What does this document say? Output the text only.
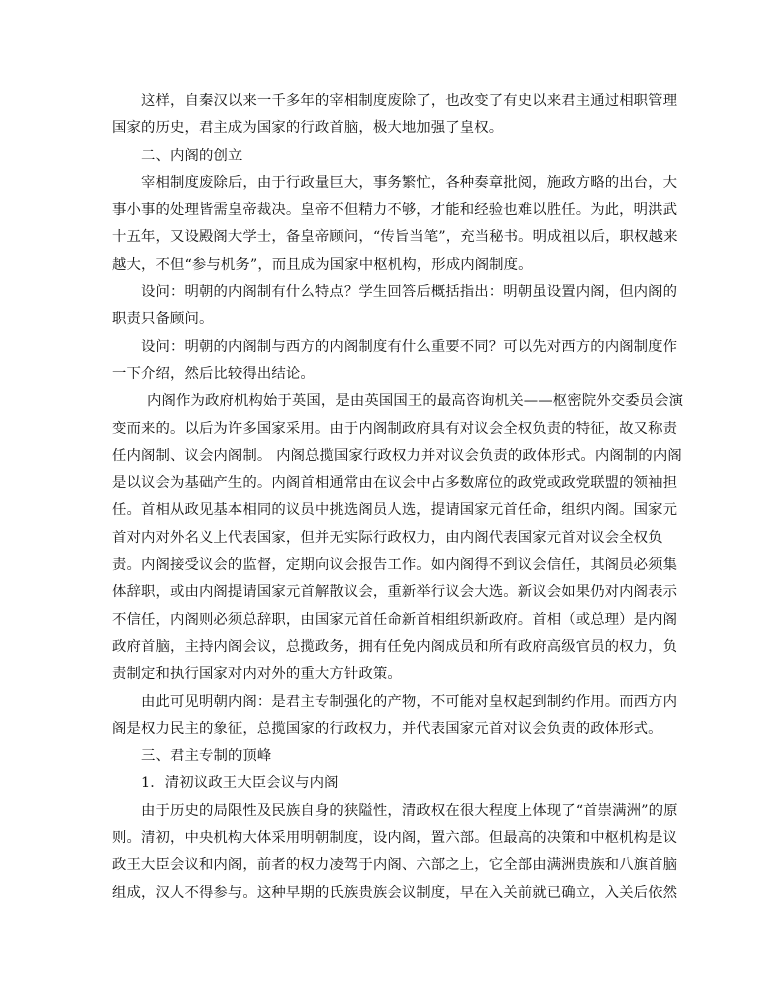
这样，自秦汉以来一千多年的宰相制度废除了，也改变了有史以来君主通过相职管理
国家的历史，君主成为国家的行政首脑，极大地加强了皇权。

二、内阁的创立

宰相制度废除后，由于行政量巨大，事务繁忙，各种奏章批阅，施政方略的出台，大
事小事的处理皆需皇帝裁决。皇帝不但精力不够，才能和经验也难以胜任。为此，明洪武
十五年，又设殿阁大学士，备皇帝顾问，“传旨当笔”，充当秘书。明成祖以后，职权越来
越大，不但“参与机务”，而且成为国家中枢机构，形成内阁制度。

设问：明朝的内阁制有什么特点？学生回答后概括指出：明朝虽设置内阁，但内阁的
职责只备顾问。

设问：明朝的内阁制与西方的内阁制度有什么重要不同？可以先对西方的内阁制度作
一下介绍，然后比较得出结论。

内阁作为政府机构始于英国，是由英国国王的最高咨询机关——枢密院外交委员会演
变而来的。以后为许多国家采用。由于内阁制政府具有对议会全权负责的特征，故又称责
任内阁制、议会内阁制。 内阁总揽国家行政权力并对议会负责的政体形式。内阁制的内阁
是以议会为基础产生的。内阁首相通常由在议会中占多数席位的政党或政党联盟的领袖担
任。首相从政见基本相同的议员中挑选阁员人选，提请国家元首任命，组织内阁。国家元
首对内对外名义上代表国家，但并无实际行政权力，由内阁代表国家元首对议会全权负
责。内阁接受议会的监督，定期向议会报告工作。如内阁得不到议会信任，其阁员必须集
体辞职，或由内阁提请国家元首解散议会，重新举行议会大选。新议会如果仍对内阁表示
不信任，内阁则必须总辞职，由国家元首任命新首相组织新政府。首相（或总理）是内阁
政府首脑，主持内阁会议，总揽政务，拥有任免内阁成员和所有政府高级官员的权力，负
责制定和执行国家对内对外的重大方针政策。

由此可见明朝内阁：是君主专制强化的产物，不可能对皇权起到制约作用。而西方内
阁是权力民主的象征，总揽国家的行政权力，并代表国家元首对议会负责的政体形式。

三、君主专制的顶峰

1．清初议政王大臣会议与内阁

由于历史的局限性及民族自身的狭隘性，清政权在很大程度上体现了“首崇满洲”的原
则。清初，中央机构大体采用明朝制度，设内阁，置六部。但最高的决策和中枢机构是议
政王大臣会议和内阁，前者的权力凌驾于内阁、六部之上，它全部由满洲贵族和八旗首脑
组成，汉人不得参与。这种早期的氏族贵族会议制度，早在入关前就已确立，入关后依然
